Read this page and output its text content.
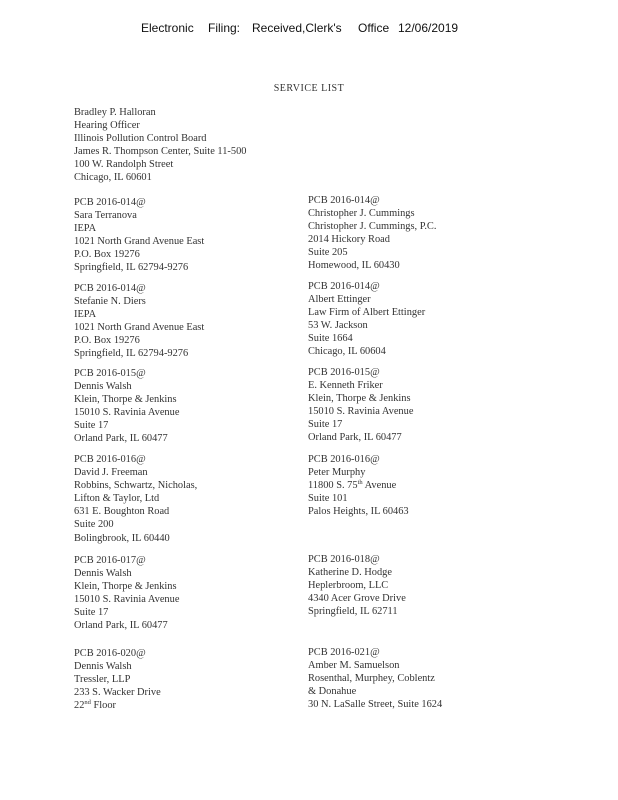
Electronic Filing: Received,Clerk's Office 12/06/2019
SERVICE LIST
Bradley P. Halloran
Hearing Officer
Illinois Pollution Control Board
James R. Thompson Center, Suite 11-500
100 W. Randolph Street
Chicago, IL 60601
PCB 2016-014@
Sara Terranova
IEPA
1021 North Grand Avenue East
P.O. Box 19276
Springfield, IL 62794-9276
PCB 2016-014@
Stefanie N. Diers
IEPA
1021 North Grand Avenue East
P.O. Box 19276
Springfield, IL 62794-9276
PCB 2016-015@
Dennis Walsh
Klein, Thorpe & Jenkins
15010 S. Ravinia Avenue
Suite 17
Orland Park, IL 60477
PCB 2016-016@
David J. Freeman
Robbins, Schwartz, Nicholas,
Lifton & Taylor, Ltd
631 E. Boughton Road
Suite 200
Bolingbrook, IL 60440
PCB 2016-017@
Dennis Walsh
Klein, Thorpe & Jenkins
15010 S. Ravinia Avenue
Suite 17
Orland Park, IL 60477
PCB 2016-020@
Dennis Walsh
Tressler, LLP
233 S. Wacker Drive
22nd Floor
PCB 2016-014@
Christopher J. Cummings
Christopher J. Cummings, P.C.
2014 Hickory Road
Suite 205
Homewood, IL 60430
PCB 2016-014@
Albert Ettinger
Law Firm of Albert Ettinger
53 W. Jackson
Suite 1664
Chicago, IL 60604
PCB 2016-015@
E. Kenneth Friker
Klein, Thorpe & Jenkins
15010 S. Ravinia Avenue
Suite 17
Orland Park, IL 60477
PCB 2016-016@
Peter Murphy
11800 S. 75th Avenue
Suite 101
Palos Heights, IL 60463
PCB 2016-018@
Katherine D. Hodge
Heplerbroom, LLC
4340 Acer Grove Drive
Springfield, IL 62711
PCB 2016-021@
Amber M. Samuelson
Rosenthal, Murphey, Coblentz
& Donahue
30 N. LaSalle Street, Suite 1624
